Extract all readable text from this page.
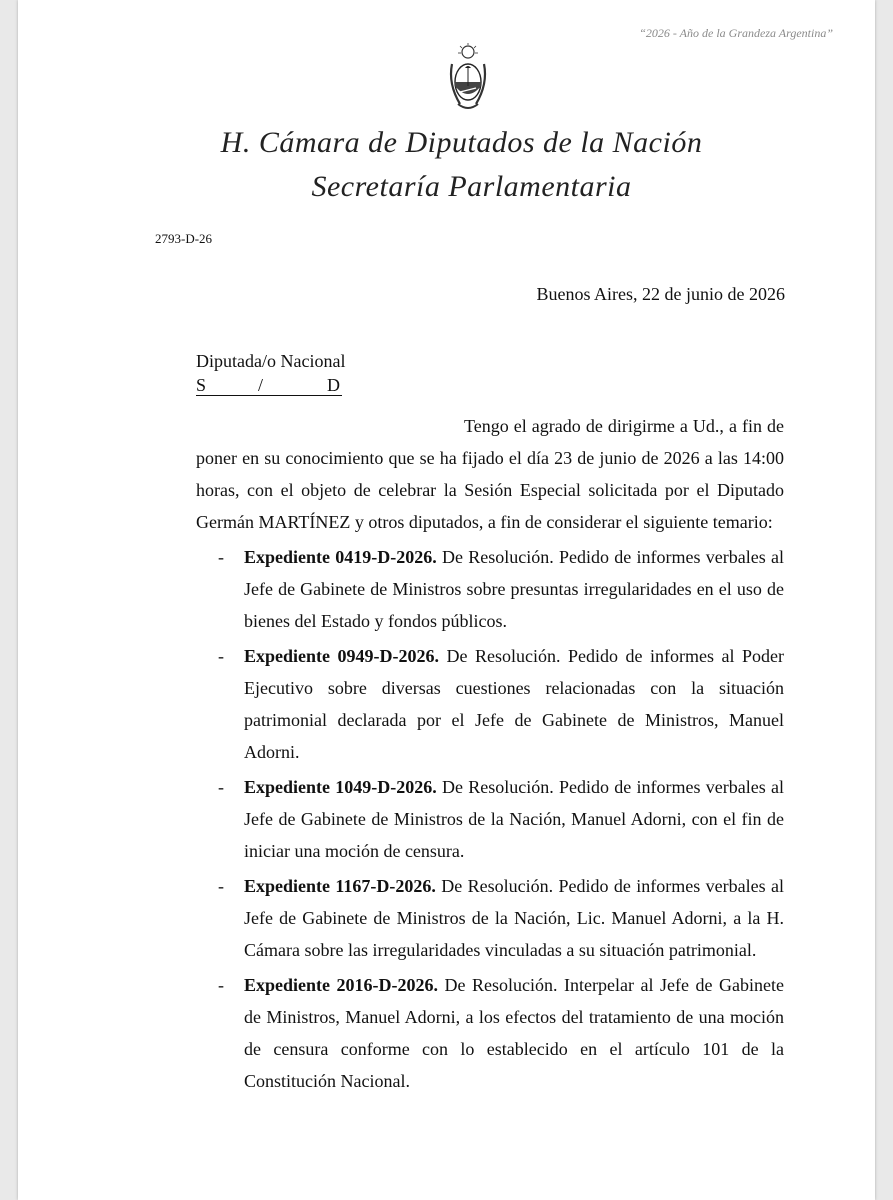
“2026 - Año de la Grandeza Argentina”
H. Cámara de Diputados de la Nación
Secretaría Parlamentaria
2793-D-26
Buenos Aires, 22 de junio de 2026
Diputada/o Nacional
S	/	D

Tengo el agrado de dirigirme a Ud., a fin de poner en su conocimiento que se ha fijado el día 23 de junio de 2026 a las 14:00 horas, con el objeto de celebrar la Sesión Especial solicitada por el Diputado Germán MARTÍNEZ y otros diputados, a fin de considerar el siguiente temario:

- Expediente 0419-D-2026. De Resolución. Pedido de informes verbales al Jefe de Gabinete de Ministros sobre presuntas irregularidades en el uso de bienes del Estado y fondos públicos.
- Expediente 0949-D-2026. De Resolución. Pedido de informes al Poder Ejecutivo sobre diversas cuestiones relacionadas con la situación patrimonial declarada por el Jefe de Gabinete de Ministros, Manuel Adorni.
- Expediente 1049-D-2026. De Resolución. Pedido de informes verbales al Jefe de Gabinete de Ministros de la Nación, Manuel Adorni, con el fin de iniciar una moción de censura.
- Expediente 1167-D-2026. De Resolución. Pedido de informes verbales al Jefe de Gabinete de Ministros de la Nación, Lic. Manuel Adorni, a la H. Cámara sobre las irregularidades vinculadas a su situación patrimonial.
- Expediente 2016-D-2026. De Resolución. Interpelar al Jefe de Gabinete de Ministros, Manuel Adorni, a los efectos del tratamiento de una moción de censura conforme con lo establecido en el artículo 101 de la Constitución Nacional.
